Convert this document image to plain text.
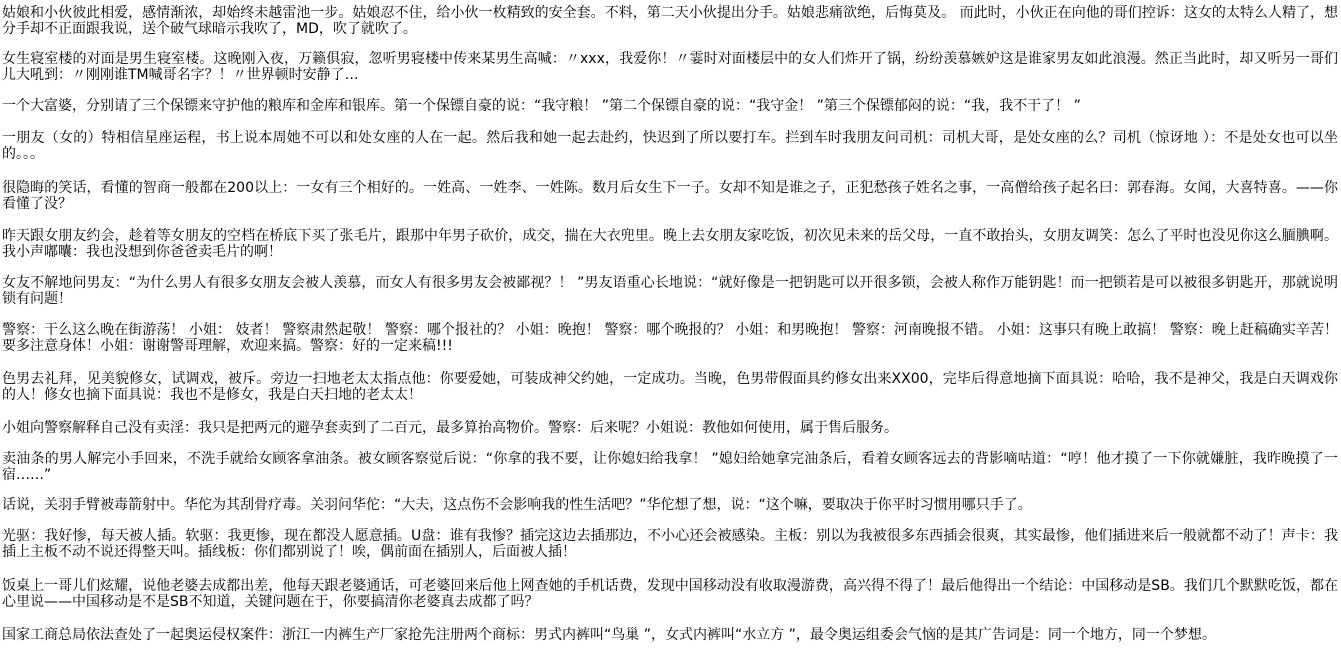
姑娘和小伙彼此相爱，感情渐浓，却始终未越雷池一步。姑娘忍不住，给小伙一枚精致的安全套。不料，第二天小伙提出分手。姑娘悲痛欲绝，后悔莫及。 而此时，小伙正在向他的哥们控诉：这女的太特么人精了，想分手却不正面跟我说，送个破气球暗示我吹了，MD，吹了就吹了。

女生寝室楼的对面是男生寝室楼。这晚刚入夜，万籁俱寂，忽听男寝楼中传来某男生高喊：〃xxx，我爱你！〃霎时对面楼层中的女人们炸开了锅，纷纷羡慕嫉妒这是谁家男友如此浪漫。然正当此时，却又听另一哥们儿大吼到：〃刚刚谁TM喊哥名字？！〃世界顿时安静了…

一个大富婆，分别请了三个保镖来守护他的粮库和金库和银库。第一个保镖自豪的说：“我守粮！ ”第二个保镖自豪的说：“我守金！ ”第三个保镖郁闷的说：“我，我不干了！ ”

一朋友（女的）特相信星座运程，书上说本周她不可以和处女座的人在一起。然后我和她一起去赴约，快迟到了所以要打车。拦到车时我朋友问司机：司机大哥，是处女座的么？司机（惊讶地 ）：不是处女也可以坐的。。。

很隐晦的笑话，看懂的智商一般都在200以上：一女有三个相好的。一姓高、一姓李、一姓陈。数月后女生下一子。女却不知是谁之子，正犯愁孩子姓名之事，一高僧给孩子起名曰：郭春海。女闻，大喜特喜。——你看懂了没？

昨天跟女朋友约会，趁着等女朋友的空档在桥底下买了张毛片，跟那中年男子砍价，成交，揣在大衣兜里。晚上去女朋友家吃饭，初次见未来的岳父母，一直不敢抬头，女朋友调笑：怎么了平时也没见你这么腼腆啊。我小声嘟囔：我也没想到你爸爸卖毛片的啊！

女友不解地问男友：“为什么男人有很多女朋友会被人羡慕，而女人有很多男友会被鄙视？！ ”男友语重心长地说：“就好像是一把钥匙可以开很多锁，会被人称作万能钥匙！而一把锁若是可以被很多钥匙开，那就说明锁有问题！

警察：干么这么晚在街游荡！ 小姐： 妓者！ 警察肃然起敬！ 警察：哪个报社的？ 小姐：晚抱！ 警察：哪个晚报的？ 小姐：和男晚抱！ 警察：河南晚报不错。 小姐：这事只有晚上敢搞！ 警察：晚上赶稿确实辛苦！要多注意身体！小姐：谢谢警哥理解，欢迎来搞。警察：好的一定来稿!!!

色男去礼拜，见美貌修女，试调戏，被斥。旁边一扫地老太太指点他：你要爱她，可装成神父约她，一定成功。当晚，色男带假面具约修女出来XX00，完毕后得意地摘下面具说：哈哈，我不是神父，我是白天调戏你的人！修女也摘下面具说：我也不是修女，我是白天扫地的老太太！

小姐向警察解释自己没有卖淫：我只是把两元的避孕套卖到了二百元，最多算抬高物价。警察：后来呢？小姐说：教他如何使用，属于售后服务。

卖油条的男人解完小手回来，不洗手就给女顾客拿油条。被女顾客察觉后说：“你拿的我不要，让你媳妇给我拿！ ”媳妇给她拿完油条后，看着女顾客远去的背影嘀咕道：“哼！他才摸了一下你就嫌脏，我昨晚摸了一宿……”

话说，关羽手臂被毒箭射中。华佗为其刮骨疗毒。关羽问华佗：“大夫，这点伤不会影响我的性生活吧？”华佗想了想，说：“这个嘛，要取决于你平时习惯用哪只手了。

光驱：我好惨，每天被人插。软驱：我更惨，现在都没人愿意插。U盘：谁有我惨？插完这边去插那边，不小心还会被感染。主板：别以为我被很多东西插会很爽，其实最惨，他们插进来后一般就都不动了！声卡：我插上主板不动不说还得整天叫。插线板：你们都别说了！唉，偶前面在插别人，后面被人插！

饭桌上一哥儿们炫耀，说他老婆去成都出差，他每天跟老婆通话，可老婆回来后他上网查她的手机话费，发现中国移动没有收取漫游费，高兴得不得了！最后他得出一个结论：中国移动是SB。我们几个默默吃饭，都在心里说——中国移动是不是SB不知道，关键问题在于，你要搞清你老婆真去成都了吗？

国家工商总局依法查处了一起奥运侵权案件：浙江一内裤生产厂家抢先注册两个商标：男式内裤叫“鸟巢 ”，女式内裤叫“水立方 ”，最令奥运组委会气恼的是其广告词是：同一个地方，同一个梦想。
